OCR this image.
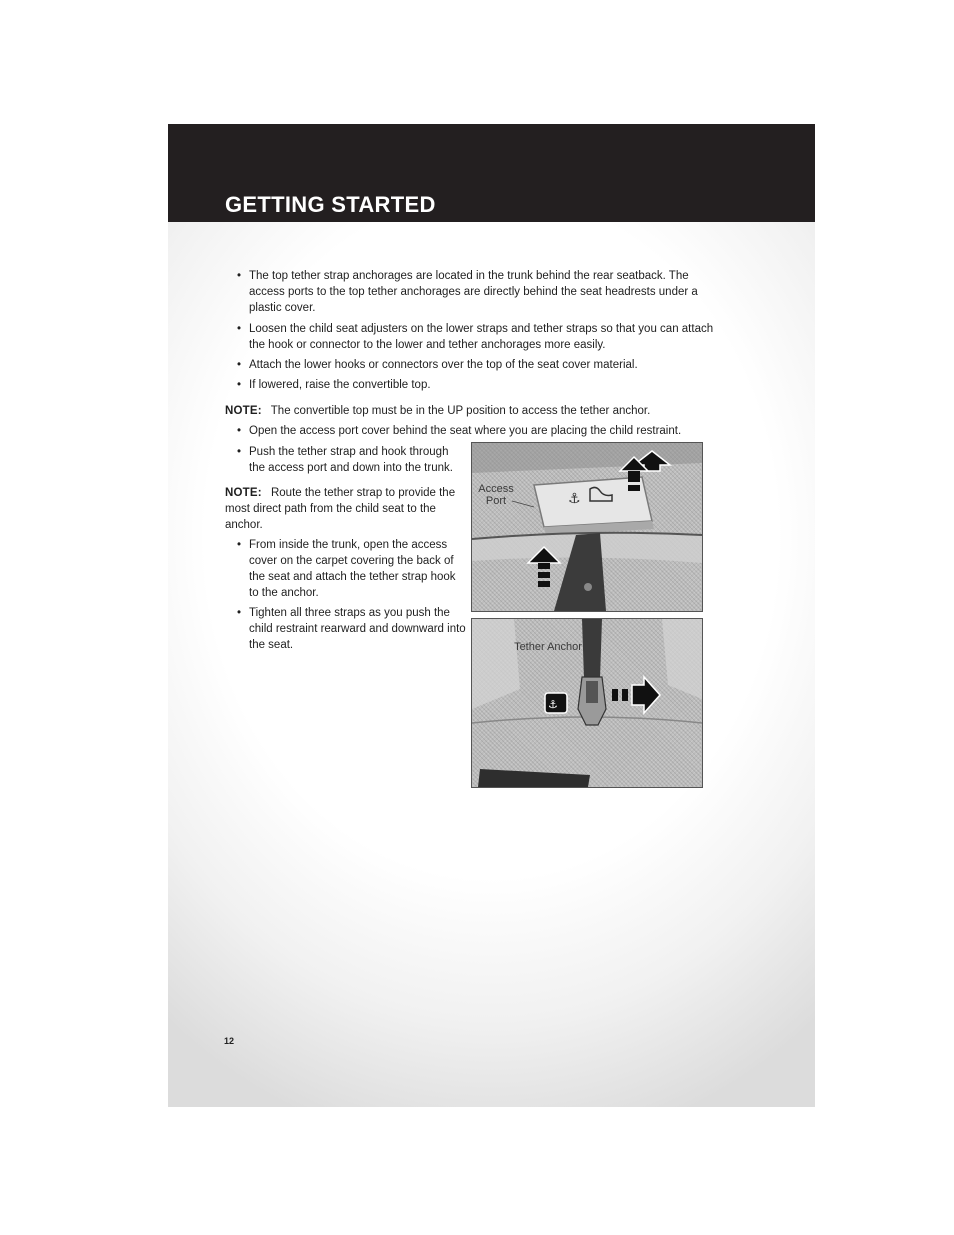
GETTING STARTED
• The top tether strap anchorages are located in the trunk behind the rear seatback. The access ports to the top tether anchorages are directly behind the seat headrests under a plastic cover.
• Loosen the child seat adjusters on the lower straps and tether straps so that you can attach the hook or connector to the lower and tether anchorages more easily.
• Attach the lower hooks or connectors over the top of the seat cover material.
• If lowered, raise the convertible top.
NOTE: The convertible top must be in the UP position to access the tether anchor.
• Open the access port cover behind the seat where you are placing the child restraint.
• Push the tether strap and hook through the access port and down into the trunk.
NOTE: Route the tether strap to provide the most direct path from the child seat to the anchor.
• From inside the trunk, open the access cover on the carpet covering the back of the seat and attach the tether strap hook to the anchor.
• Tighten all three straps as you push the child restraint rearward and downward into the seat.
⚓
Access
Port
⚓
Tether Anchor
12
